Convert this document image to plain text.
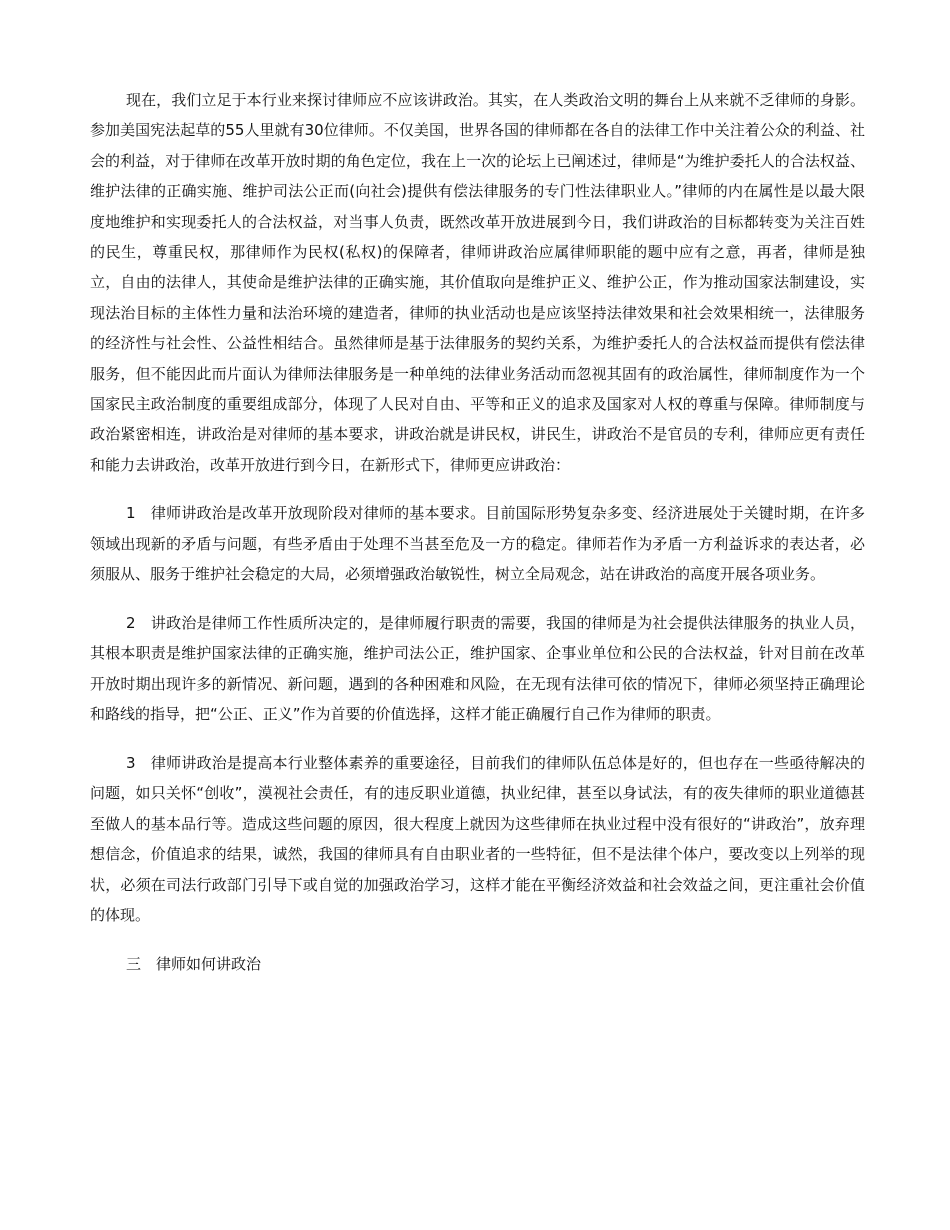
现在，我们立足于本行业来探讨律师应不应该讲政治。其实，在人类政治文明的舞台上从来就不乏律师的身影。参加美国宪法起草的55人里就有30位律师。不仅美国，世界各国的律师都在各自的法律工作中关注着公众的利益、社会的利益，对于律师在改革开放时期的角色定位，我在上一次的论坛上已阐述过，律师是“为维护委托人的合法权益、维护法律的正确实施、维护司法公正而(向社会)提供有偿法律服务的专门性法律职业人。”律师的内在属性是以最大限度地维护和实现委托人的合法权益，对当事人负责，既然改革开放进展到今日，我们讲政治的目标都转变为关注百姓的民生，尊重民权，那律师作为民权(私权)的保障者，律师讲政治应属律师职能的题中应有之意，再者，律师是独立，自由的法律人，其使命是维护法律的正确实施，其价值取向是维护正义、维护公正，作为推动国家法制建设，实现法治目标的主体性力量和法治环境的建造者，律师的执业活动也是应该坚持法律效果和社会效果相统一，法律服务的经济性与社会性、公益性相结合。虽然律师是基于法律服务的契约关系，为维护委托人的合法权益而提供有偿法律服务，但不能因此而片面认为律师法律服务是一种单纯的法律业务活动而忽视其固有的政治属性，律师制度作为一个国家民主政治制度的重要组成部分，体现了人民对自由、平等和正义的追求及国家对人权的尊重与保障。律师制度与政治紧密相连，讲政治是对律师的基本要求，讲政治就是讲民权，讲民生，讲政治不是官员的专利，律师应更有责任和能力去讲政治，改革开放进行到今日，在新形式下，律师更应讲政治：

1　律师讲政治是改革开放现阶段对律师的基本要求。目前国际形势复杂多变、经济进展处于关键时期，在许多领域出现新的矛盾与问题，有些矛盾由于处理不当甚至危及一方的稳定。律师若作为矛盾一方利益诉求的表达者，必须服从、服务于维护社会稳定的大局，必须增强政治敏锐性，树立全局观念，站在讲政治的高度开展各项业务。

2　讲政治是律师工作性质所决定的，是律师履行职责的需要，我国的律师是为社会提供法律服务的执业人员，其根本职责是维护国家法律的正确实施，维护司法公正，维护国家、企事业单位和公民的合法权益，针对目前在改革开放时期出现许多的新情况、新问题，遇到的各种困难和风险，在无现有法律可依的情况下，律师必须坚持正确理论和路线的指导，把“公正、正义”作为首要的价值选择，这样才能正确履行自己作为律师的职责。

3　律师讲政治是提高本行业整体素养的重要途径，目前我们的律师队伍总体是好的，但也存在一些亟待解决的问题，如只关怀“创收”，漠视社会责任，有的违反职业道德，执业纪律，甚至以身试法，有的夜失律师的职业道德甚至做人的基本品行等。造成这些问题的原因，很大程度上就因为这些律师在执业过程中没有很好的“讲政治”，放弃理想信念，价值追求的结果，诚然，我国的律师具有自由职业者的一些特征，但不是法律个体户，要改变以上列举的现状，必须在司法行政部门引导下或自觉的加强政治学习，这样才能在平衡经济效益和社会效益之间，更注重社会价值的体现。

三　律师如何讲政治
